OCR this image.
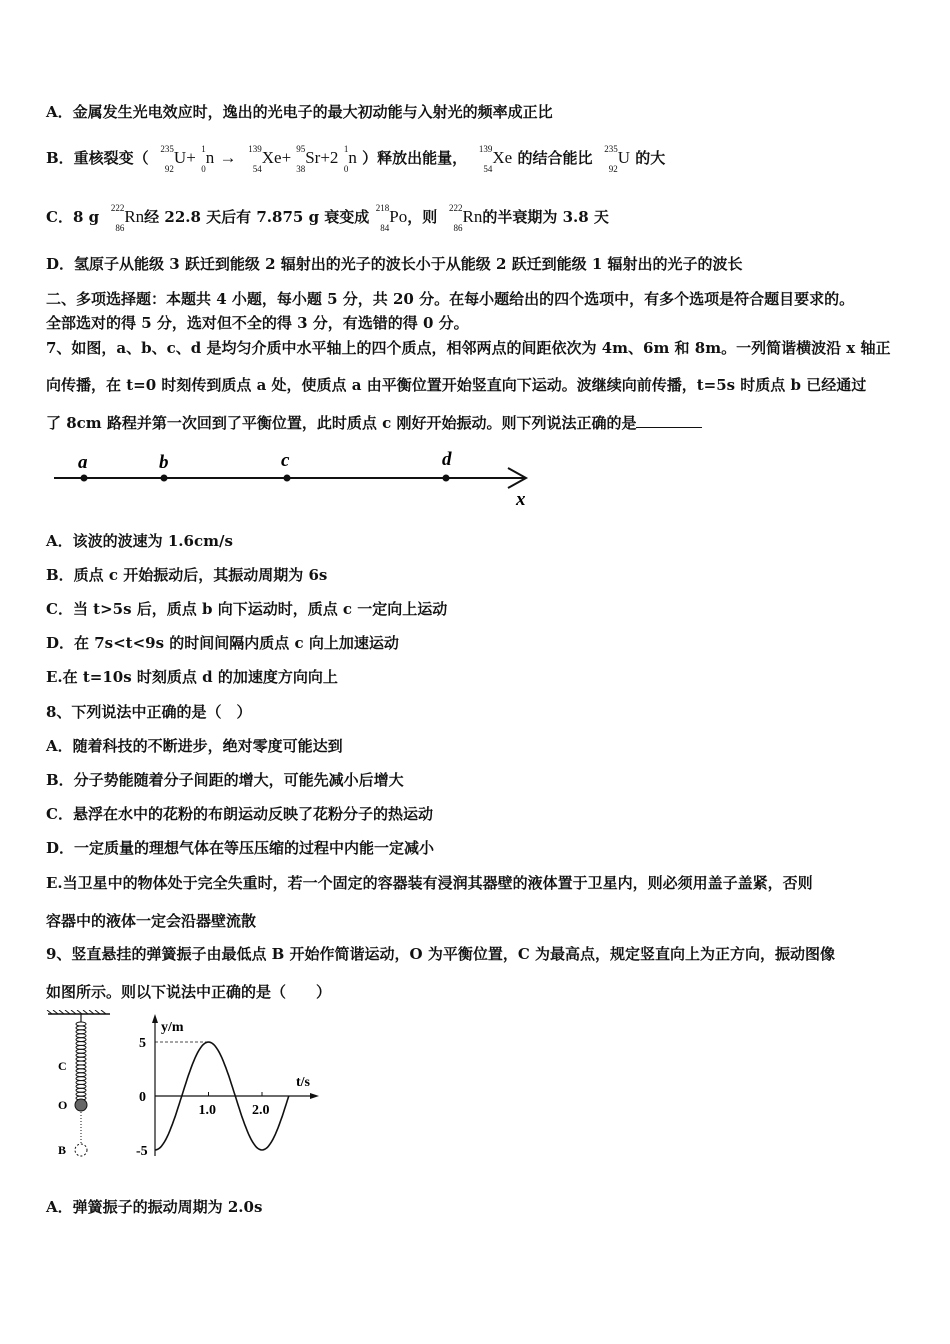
A．金属发生光电效应时，逸出的光电子的最大初动能与入射光的频率成正比
B．重核裂变（ 235
92
U+ 1
0
n → 139
54
Xe+ 95
38
Sr+2 1
0
n ）释放出能量， 139
54
Xe 的结合能比 235
92
U 的大
C．8 g 222
86
Rn经 22.8 天后有 7.875 g 衰变成 218
84
Po，则 222
86
Rn的半衰期为 3.8 天
D．氢原子从能级 3 跃迁到能级 2 辐射出的光子的波长小于从能级 2 跃迁到能级 1 辐射出的光子的波长
二、多项选择题：本题共 4 小题，每小题 5 分，共 20 分。在每小题给出的四个选项中，有多个选项是符合题目要求的。
全部选对的得 5 分，选对但不全的得 3 分，有选错的得 0 分。
7、如图，a、b、c、d 是均匀介质中水平轴上的四个质点，相邻两点的间距依次为 4m、6m 和 8m。一列简谐横波沿 x 轴正
向传播，在 t=0 时刻传到质点 a 处，使质点 a 由平衡位置开始竖直向下运动。波继续向前传播，t=5s 时质点 b 已经通过
了 8cm 路程并第一次回到了平衡位置，此时质点 c 刚好开始振动。则下列说法正确的是
a	b	c	d
x
A．该波的波速为 1.6cm/s
B．质点 c 开始振动后，其振动周期为 6s
C．当 t>5s 后，质点 b 向下运动时，质点 c 一定向上运动
D．在 7s<t<9s 的时间间隔内质点 c 向上加速运动
E.在 t=10s 时刻质点 d 的加速度方向向上
8、下列说法中正确的是（　）
A．随着科技的不断进步，绝对零度可能达到
B．分子势能随着分子间距的增大，可能先减小后增大
C．悬浮在水中的花粉的布朗运动反映了花粉分子的热运动
D．一定质量的理想气体在等压压缩的过程中内能一定减小
E.当卫星中的物体处于完全失重时，若一个固定的容器装有浸润其器壁的液体置于卫星内，则必须用盖子盖紧，否则
容器中的液体一定会沿器壁流散
9、竖直悬挂的弹簧振子由最低点 B 开始作简谐运动，O 为平衡位置，C 为最高点，规定竖直向上为正方向，振动图像
如图所示。则以下说法中正确的是（　　）
C
O
B
y/m
t/s
1.0	2.0
5
0
-5
A．弹簧振子的振动周期为 2.0s
